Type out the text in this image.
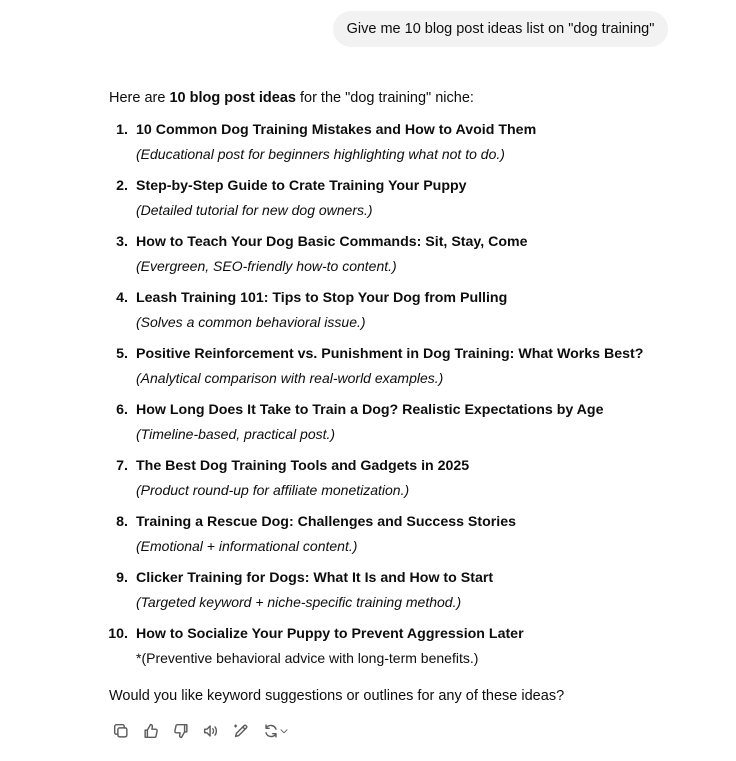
Give me 10 blog post ideas list on "dog training"

Here are 10 blog post ideas for the "dog training" niche:

1. 10 Common Dog Training Mistakes and How to Avoid Them
(Educational post for beginners highlighting what not to do.)
2. Step-by-Step Guide to Crate Training Your Puppy
(Detailed tutorial for new dog owners.)
3. How to Teach Your Dog Basic Commands: Sit, Stay, Come
(Evergreen, SEO-friendly how-to content.)
4. Leash Training 101: Tips to Stop Your Dog from Pulling
(Solves a common behavioral issue.)
5. Positive Reinforcement vs. Punishment in Dog Training: What Works Best?
(Analytical comparison with real-world examples.)
6. How Long Does It Take to Train a Dog? Realistic Expectations by Age
(Timeline-based, practical post.)
7. The Best Dog Training Tools and Gadgets in 2025
(Product round-up for affiliate monetization.)
8. Training a Rescue Dog: Challenges and Success Stories
(Emotional + informational content.)
9. Clicker Training for Dogs: What It Is and How to Start
(Targeted keyword + niche-specific training method.)
10. How to Socialize Your Puppy to Prevent Aggression Later
*(Preventive behavioral advice with long-term benefits.)

Would you like keyword suggestions or outlines for any of these ideas?
